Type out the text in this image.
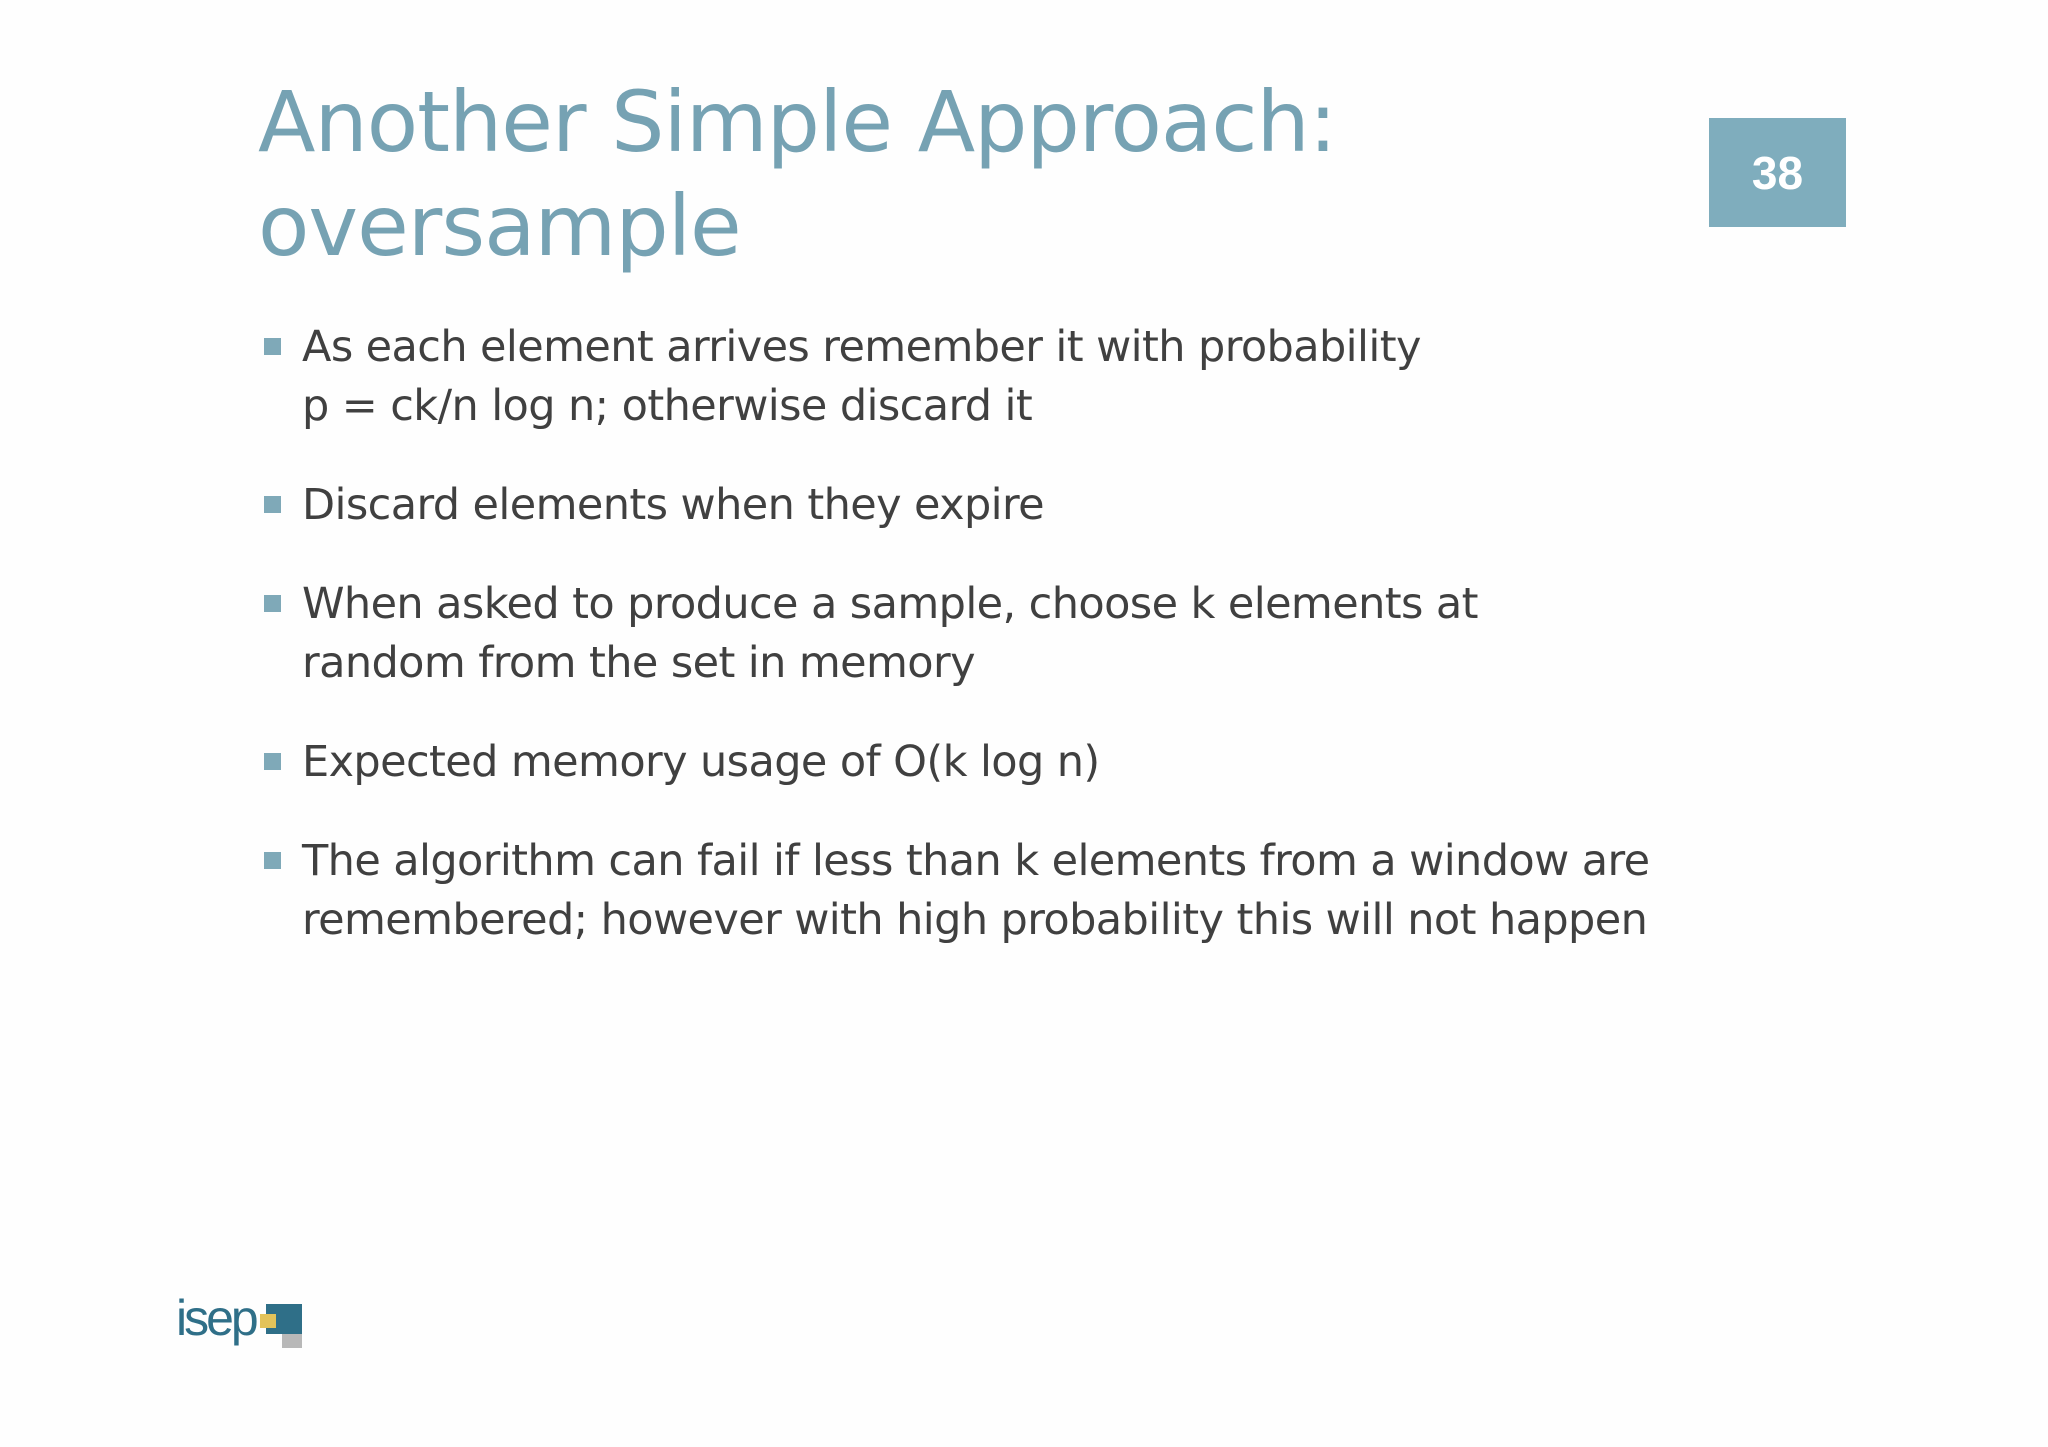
Another Simple Approach:
oversample
38
As each element arrives remember it with probability
p = ck/n log n; otherwise discard it
Discard elements when they expire
When asked to produce a sample, choose k elements at
random from the set in memory
Expected memory usage of O(k log n)
The algorithm can fail if less than k elements from a window are
remembered; however with high probability this will not happen
isep
